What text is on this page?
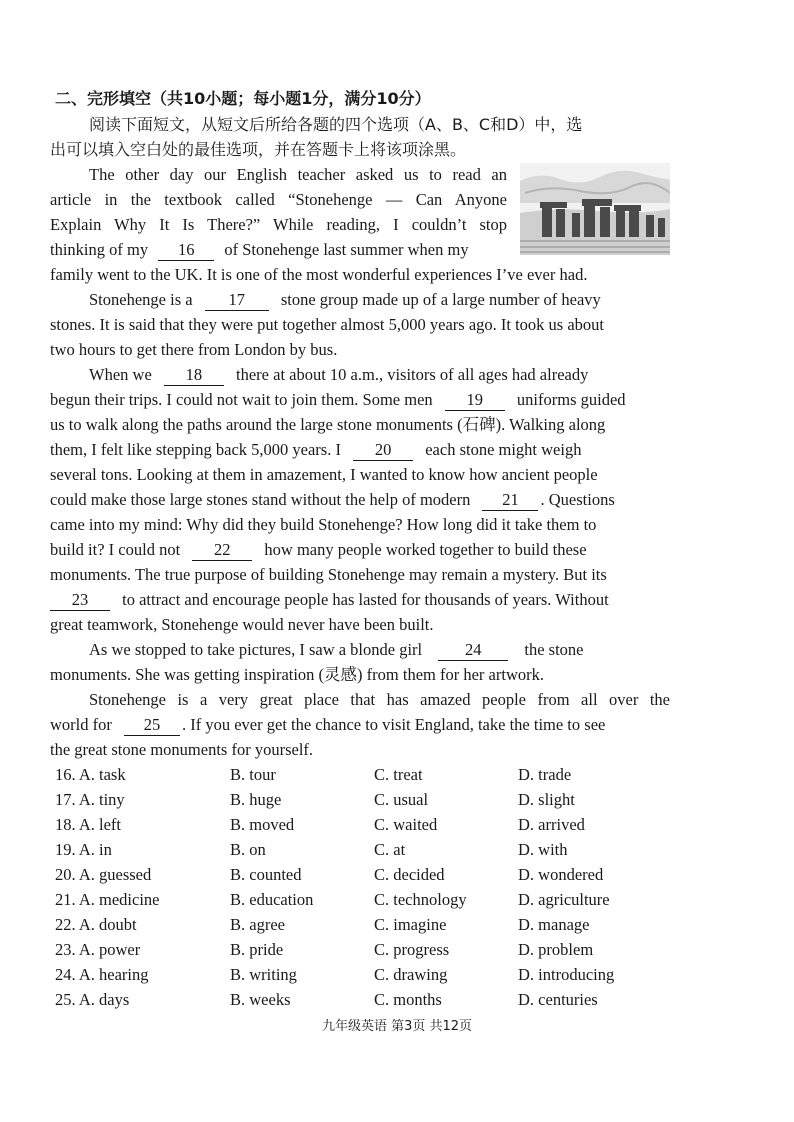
二、完形填空（共10小题；每小题1分，满分10分）
阅读下面短文，从短文后所给各题的四个选项（A、B、C和D）中，选
出可以填入空白处的最佳选项，并在答题卡上将该项涂黑。
The other day our English teacher asked us to read an
article in the textbook called “Stonehenge — Can Anyone
Explain Why It Is There?” While reading, I couldn’t stop
thinking of my 16 of Stonehenge last summer when my
family went to the UK. It is one of the most wonderful experiences I’ve ever had.
Stonehenge is a 17 stone group made up of a large number of heavy
stones. It is said that they were put together almost 5,000 years ago. It took us about
two hours to get there from London by bus.
When we 18 there at about 10 a.m., visitors of all ages had already
begun their trips. I could not wait to join them. Some men 19 uniforms guided
us to walk along the paths around the large stone monuments (石碑). Walking along
them, I felt like stepping back 5,000 years. I 20 each stone might weigh
several tons. Looking at them in amazement, I wanted to know how ancient people
could make those large stones stand without the help of modern 21 . Questions
came into my mind: Why did they build Stonehenge? How long did it take them to
build it? I could not 22 how many people worked together to build these
monuments. The true purpose of building Stonehenge may remain a mystery. But its
23 to attract and encourage people has lasted for thousands of years. Without
great teamwork, Stonehenge would never have been built.
As we stopped to take pictures, I saw a blonde girl	24	the stone
monuments. She was getting inspiration (灵感) from them for her artwork.
Stonehenge is a very great place that has amazed people from all over the
world for 25 . If you ever get the chance to visit England, take the time to see
the great stone monuments for yourself.
16. A. task	B. tour	C. treat	D. trade
17. A. tiny	B. huge	C. usual	D. slight
18. A. left	B. moved	C. waited	D. arrived
19. A. in	B. on	C. at	D. with
20. A. guessed	B. counted	C. decided	D. wondered
21. A. medicine	B. education	C. technology	D. agriculture
22. A. doubt	B. agree	C. imagine	D. manage
23. A. power	B. pride	C. progress	D. problem
24. A. hearing	B. writing	C. drawing	D. introducing
25. A. days	B. weeks	C. months	D. centuries
九年级英语 第3页 共12页
